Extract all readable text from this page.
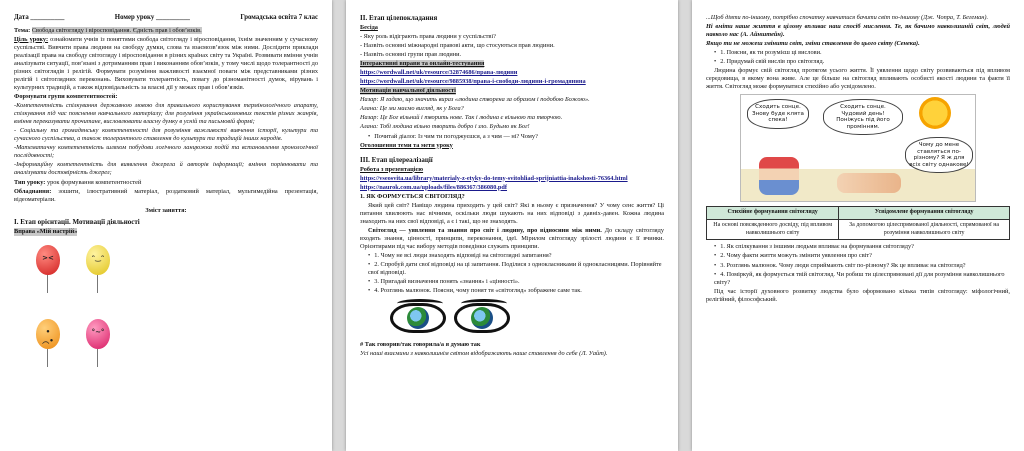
Дата __________	Номер уроку __________	Громадська освіта 7 клас

Тема: Свобода світогляду і віросповідання. Єдність прав і обов’язків.

Ціль уроку: ознайомити учнів із поняттями свобода світогляду і віросповідання, їхнім значенням у сучасному суспільстві. Вивчити права людини на свободу думки, слова та взаємозв’язок між ними. Дослідити приклади реалізації права на свободу світогляду і віросповідання в різних країнах світу та Україні. Розвивати вміння учнів аналізувати ситуації, пов’язані з дотриманням прав і виконанням обов’язків, у тому числі щодо толерантності до різних світоглядів і релігій. Формувати розуміння важливості взаємної поваги між представниками різних релігій і світоглядних переконань. Виховувати толерантність, повагу до різноманітності думок, вірувань і культурних традицій, а також відповідальність за власні дії у межах прав і обов’язків.

Формувати групи компетентностей:

-Компетентність спілкування державною мовою для правильного користування термінологічного апарату, спілкування під час пояснення навчального матеріалу; для розуміння українськомовних текстів різних жанрів, вміння переказувати прочитане, висловлювати власну думку в усній та письмовій формі;

- Соціальну та громадянську компетентності для розуміння важливості вивчення історії, культури та сучасного суспільства, а також толерантного ставлення до культури та традицій інших народів.

-Математичну компетентність шляхом побудови логічного ланцюжка подій та встановлення хронологічної послідовності;

-Інформаційну компетентність для виявлення джерела й авторів інформації; вміння порівнювати та аналізувати достовірність джерел;

Тип уроку: урок формування компетентностей

Обладнання: зошити, ілюстративний матеріал, роздатковий матеріал, мультимедійна презентація, відеоматеріали.

Зміст заняття:

І. Етап орієнтації. Мотивації діяльності

Вправа «Мій настрій»

><	ᵔ‿ᵔ
•︵•
°~°

ІІ. Етап цілепокладання

Бесіда

- Яку роль відіграють права людини у суспільстві?

- Назвіть основні міжнародні правові акти, що стосуються прав людини.

- Назвіть основні групи прав людини.

Інтерактивні вправи та онлайн-тестування

https://wordwall.net/uk/resource/32874686/права-людини

https://wordwall.net/uk/resource/9885938/права-і-свободи-людини-і-громадянина

Мотивація навчальної діяльності

Назар: Я гадаю, що значить вираз «людина створена за образом і подобою Божою».

Алана: Це ми маємо вигляд, як у Бога?

Назар: Це Бог вільний і творить нове. Так і людина є вільною та творчою.

Алана: Тобі людина вільно творить добро і зло. Будьмо як Бог!

• Почитай діалог. Із чим ти погоджуєшся, а з чим — ні? Чому?

Оголошення теми та мети уроку

ІІІ. Етап цілереалізації

Робота з презентацією

https://vseosvita.ua/library/materialy-z-etyky-do-temy-svitohliad-sprijniattia-inakshosti-76364.html

https://naurok.com.ua/uploads/files/886367/386080.pdf

1. ЯК ФОРМУЄТЬСЯ СВІТОГЛЯД?

Який цей світ? Навіщо людина приходить у цей світ? Які в ньому є призначення? У чому сенс життя? Ці питання хвилюють нас вічними, оскільки люди шукають на них відповіді з давніх-давен. Кожна людина знаходить на них свої відповіді, а є і такі, що не знаходять.

Світогляд — уявлення та знання про світ і людину, про відносини між ними. До складу світогляду входять знання, цінності, принципи, переконання, ідеї. Мірилом світогляду зрілості людини є її вчинки. Орієнтирами під час вибору методів поведінки служать принципи.

• 1. Чому не всі люди знаходять відповіді на світоглядні запитання?
• 2. Спробуй дати свої відповіді на ці запитання. Поділися з однокласниками й однокласницями. Порівняйте свої відповіді.
• 3. Пригадай визначення понять «знання» і «цінності».
• 4. Розглянь малюнок. Поясни, чому понят тя «світогляд» зображене саме так.

# Так говорив/так говорила/а я думаю так

Усі наші взаємини з навколишнім світом відображають наше ставлення до себе (Л. Уайт).

...Щоб діяти по-іншому, потрібно спочатку навчитися бачити світ по-іншому (Дж. Чопра, Т. Бегеман).

Ні вміти наше життя в цілому впливає наш спосіб мислення. Те, як бачимо навколишній світ, людей навколо нас (А. Айнштейн).

Якщо ти не можеш змінити світ, зміни ставлення до цього світу (Сенека).

• 1. Поясни, як ти розумієш ці вислови.
• 2. Придумай свій вислів про світогляд.

Людина формує свій світогляд протягом усього життя. Її уявлення щодо світу розвиваються під впливом середовища, в якому вона живе. Але це більше на світогляд впливають особисті якості людини та факти її життя. Світогляд може формуватися стихійно або усвідомлено.

Сходить сонце. Знову буде клята спека!
Сходить сонце. Чудовий день! Поніжусь під його промінням.
Чому до мене ставляться по-різному? Я ж для всіх світу однакове!
Стихійне формування світогляду	Усвідомлене формування світогляду
На основі повсякденного досвіду, під впливом навколишнього світу	За допомогою цілеспрямованої діяльності, спрямованої на розуміння навколишнього світу
• 1. Як спілкування з іншими людьми впливає на формування світогляду?
• 2. Чому факти життя можуть змінити уявлення про світ?
• 3. Розглянь малюнок. Чому люди сприймають світ по-різному? Як це впливає на світогляд?
• 4. Поміркуй, як формується твій світогляд. Чи робиш ти цілеспрямовані дії для розуміння навколишнього світу?

Під час історії духовного розвитку людства було оформовано кілька типів світогляду: міфологічний, релігійний, філософський.
